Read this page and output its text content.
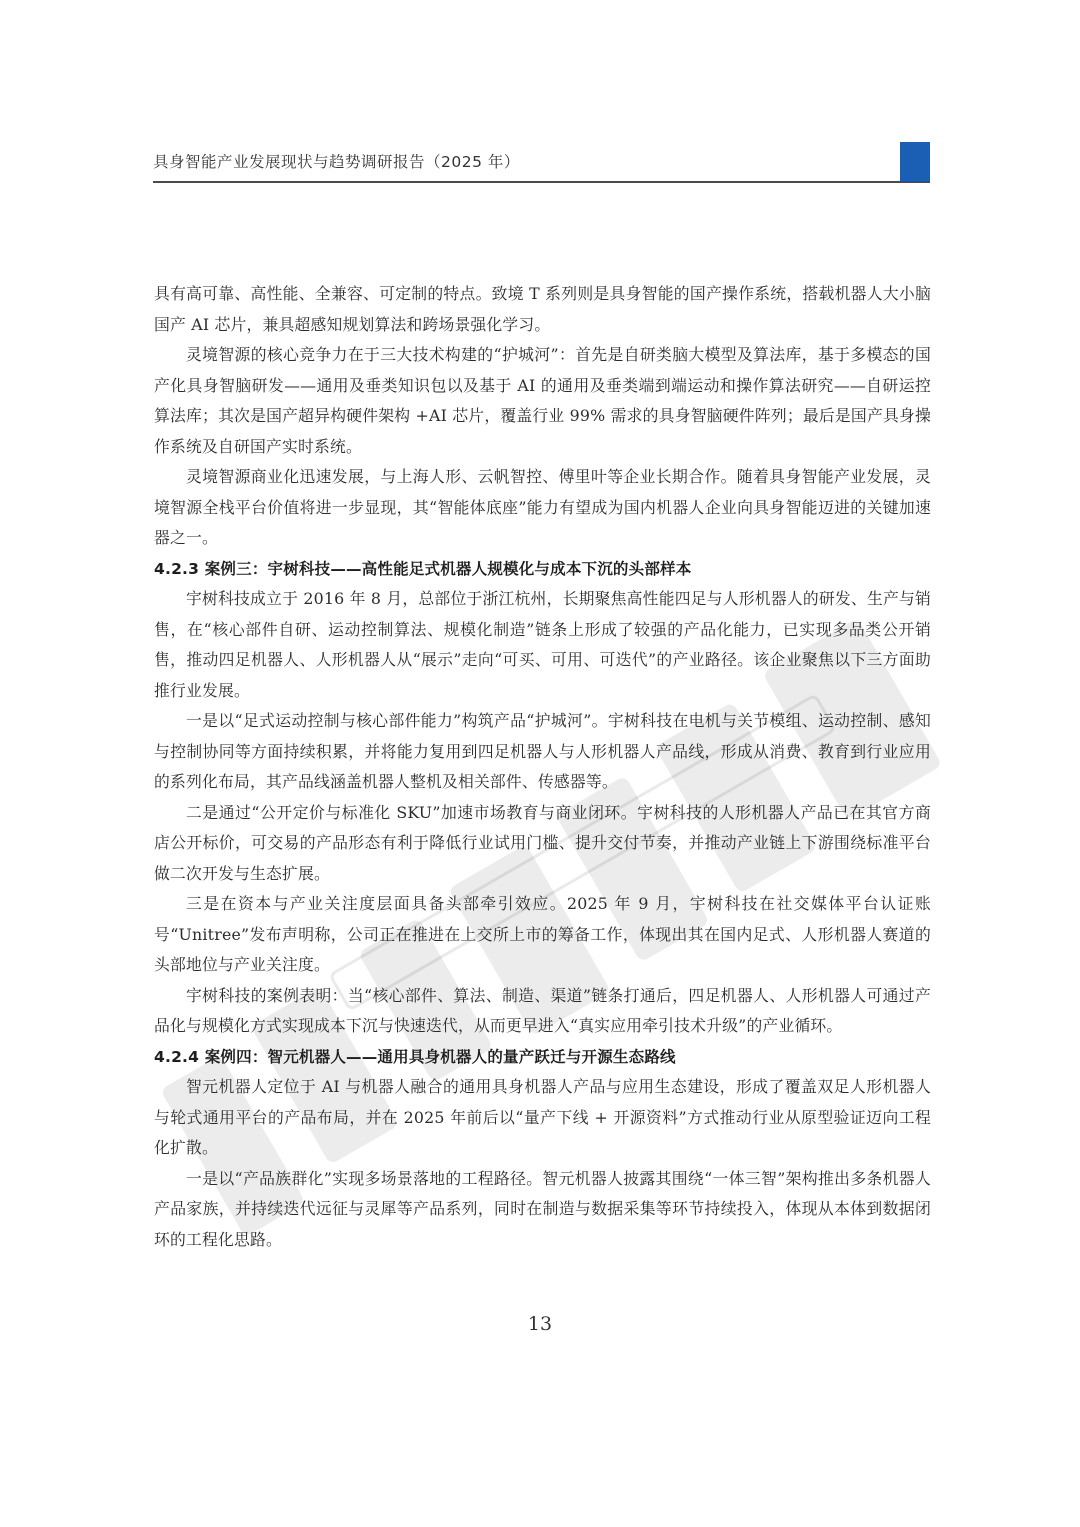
具身智能产业发展现状与趋势调研报告（2025 年）

具有高可靠、高性能、全兼容、可定制的特点。致境 T 系列则是具身智能的国产操作系统，搭载机器人大小脑国产 AI 芯片，兼具超感知规划算法和跨场景强化学习。

灵境智源的核心竞争力在于三大技术构建的“护城河”：首先是自研类脑大模型及算法库，基于多模态的国产化具身智脑研发——通用及垂类知识包以及基于 AI 的通用及垂类端到端运动和操作算法研究——自研运控算法库；其次是国产超异构硬件架构 +AI 芯片，覆盖行业 99% 需求的具身智脑硬件阵列；最后是国产具身操作系统及自研国产实时系统。

灵境智源商业化迅速发展，与上海人形、云帆智控、傅里叶等企业长期合作。随着具身智能产业发展，灵境智源全栈平台价值将进一步显现，其“智能体底座”能力有望成为国内机器人企业向具身智能迈进的关键加速器之一。

4.2.3 案例三：宇树科技——高性能足式机器人规模化与成本下沉的头部样本

宇树科技成立于 2016 年 8 月，总部位于浙江杭州，长期聚焦高性能四足与人形机器人的研发、生产与销售，在“核心部件自研、运动控制算法、规模化制造”链条上形成了较强的产品化能力，已实现多品类公开销售，推动四足机器人、人形机器人从“展示”走向“可买、可用、可迭代”的产业路径。该企业聚焦以下三方面助推行业发展。

一是以“足式运动控制与核心部件能力”构筑产品“护城河”。宇树科技在电机与关节模组、运动控制、感知与控制协同等方面持续积累，并将能力复用到四足机器人与人形机器人产品线，形成从消费、教育到行业应用的系列化布局，其产品线涵盖机器人整机及相关部件、传感器等。

二是通过“公开定价与标准化 SKU”加速市场教育与商业闭环。宇树科技的人形机器人产品已在其官方商店公开标价，可交易的产品形态有利于降低行业试用门槛、提升交付节奏，并推动产业链上下游围绕标准平台做二次开发与生态扩展。

三是在资本与产业关注度层面具备头部牵引效应。2025 年 9 月，宇树科技在社交媒体平台认证账号“Unitree”发布声明称，公司正在推进在上交所上市的筹备工作，体现出其在国内足式、人形机器人赛道的头部地位与产业关注度。

宇树科技的案例表明：当“核心部件、算法、制造、渠道”链条打通后，四足机器人、人形机器人可通过产品化与规模化方式实现成本下沉与快速迭代，从而更早进入“真实应用牵引技术升级”的产业循环。

4.2.4 案例四：智元机器人——通用具身机器人的量产跃迁与开源生态路线

智元机器人定位于 AI 与机器人融合的通用具身机器人产品与应用生态建设，形成了覆盖双足人形机器人与轮式通用平台的产品布局，并在 2025 年前后以“量产下线 + 开源资料”方式推动行业从原型验证迈向工程化扩散。

一是以“产品族群化”实现多场景落地的工程路径。智元机器人披露其围绕“一体三智”架构推出多条机器人产品家族，并持续迭代远征与灵犀等产品系列，同时在制造与数据采集等环节持续投入，体现从本体到数据闭环的工程化思路。

13
